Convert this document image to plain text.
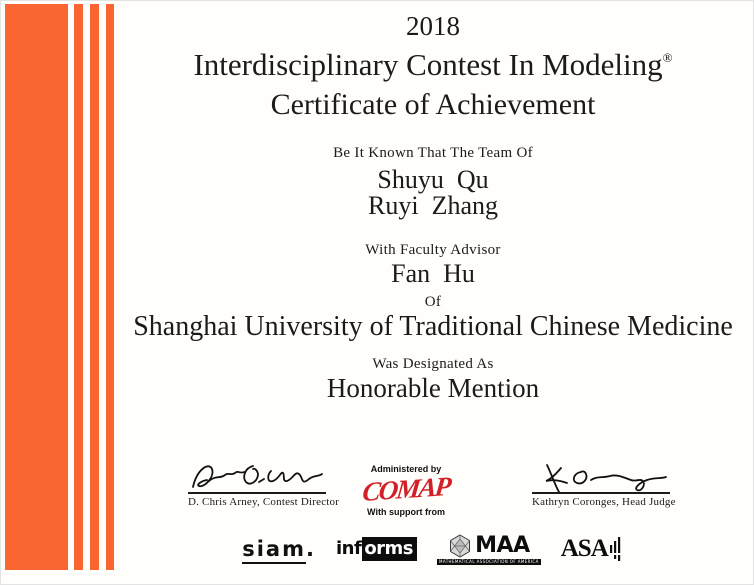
2018
Interdisciplinary Contest In Modeling®
Certificate of Achievement
Be It Known That The Team Of
Shuyu  Qu
Ruyi  Zhang
With Faculty Advisor
Fan  Hu
Of
Shanghai University of Traditional Chinese Medicine
Was Designated As
Honorable Mention
D. Chris Arney, Contest Director
Administered by
COMAP
With support from
Kathryn Coronges, Head Judge
siam. inf orms	MAA
MATHEMATICAL ASSOCIATION OF AMERICA ASA
